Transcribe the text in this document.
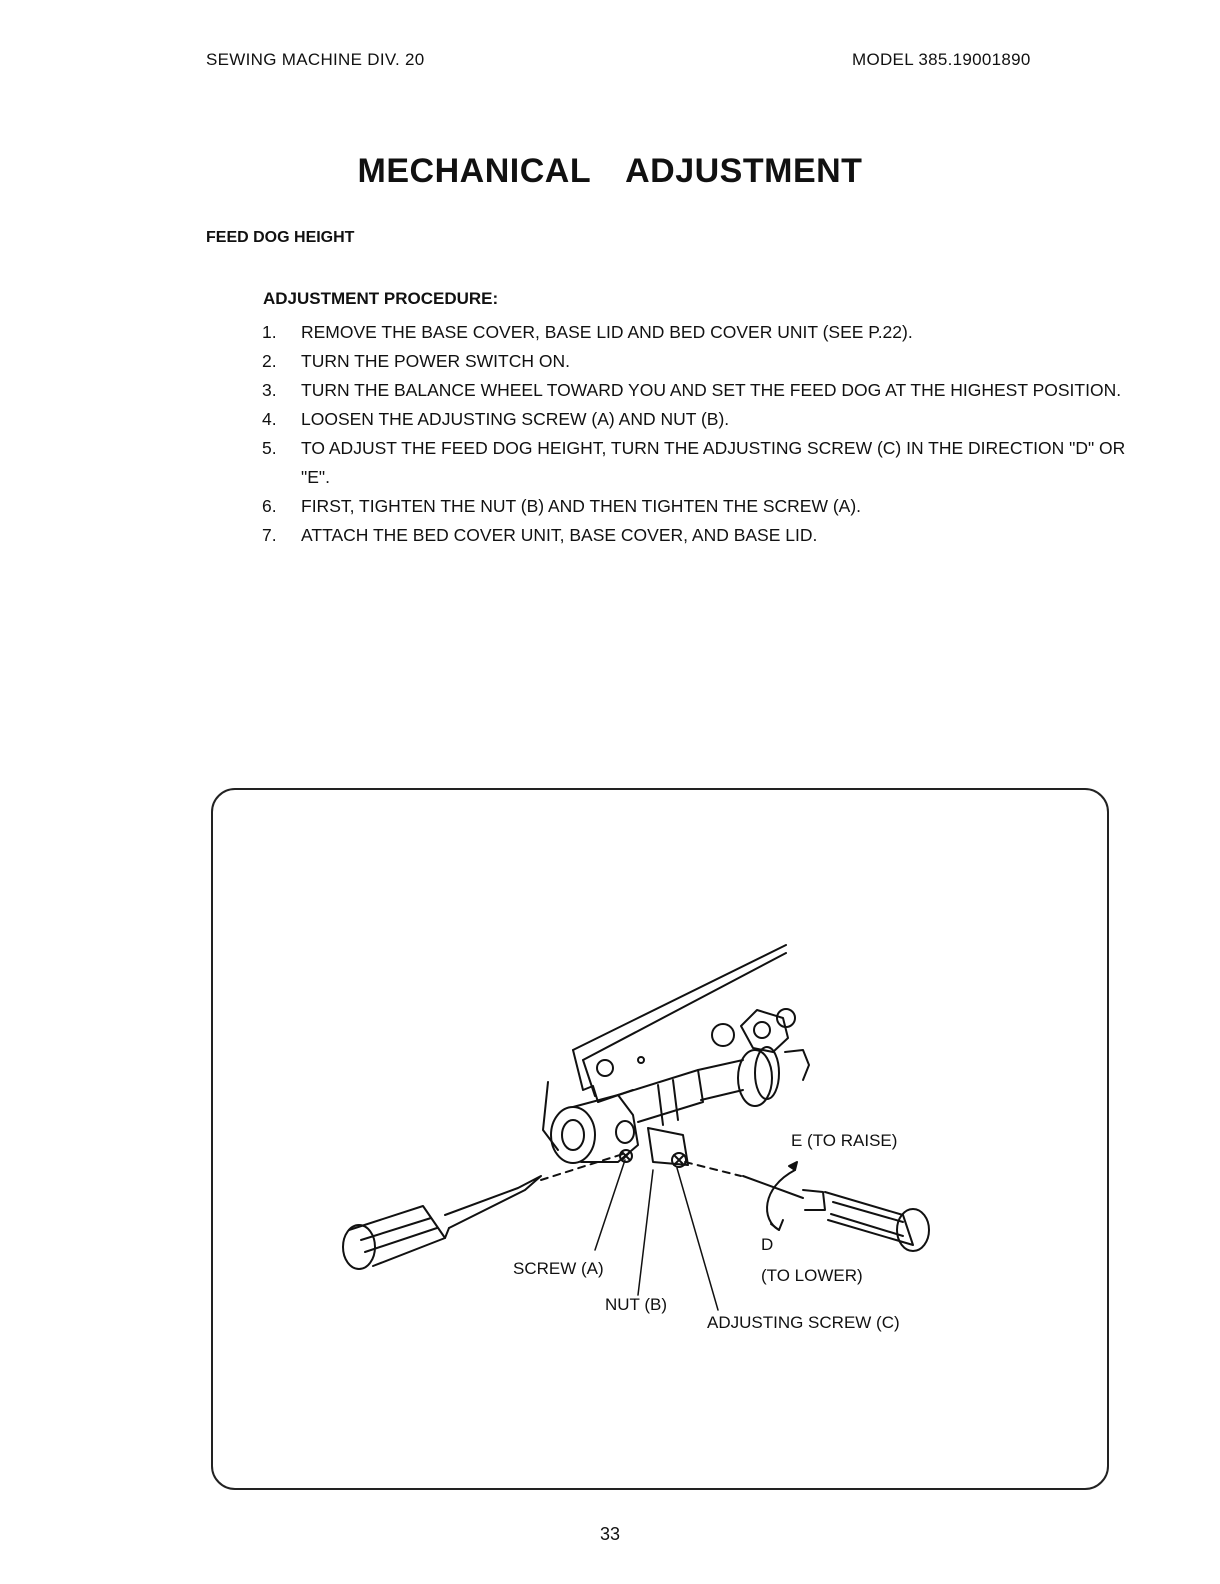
SEWING MACHINE DIV. 20	MODEL 385.19001890
MECHANICAL  ADJUSTMENT
FEED DOG HEIGHT
ADJUSTMENT PROCEDURE:
1.	REMOVE THE BASE COVER, BASE LID AND BED COVER UNIT (SEE P.22).
2.	TURN THE POWER SWITCH ON.
3.	TURN THE BALANCE WHEEL TOWARD YOU AND SET THE FEED DOG AT THE HIGHEST POSITION.
4.	LOOSEN THE ADJUSTING SCREW (A) AND NUT (B).
5.	TO ADJUST THE FEED DOG HEIGHT, TURN THE ADJUSTING SCREW (C) IN THE DIRECTION "D" OR "E".
6.	FIRST, TIGHTEN THE NUT (B) AND THEN TIGHTEN THE SCREW (A).
7.	ATTACH THE BED COVER UNIT, BASE COVER, AND BASE LID.
E (TO RAISE)
D
(TO LOWER)
SCREW (A)
NUT (B)
ADJUSTING SCREW (C)
33
